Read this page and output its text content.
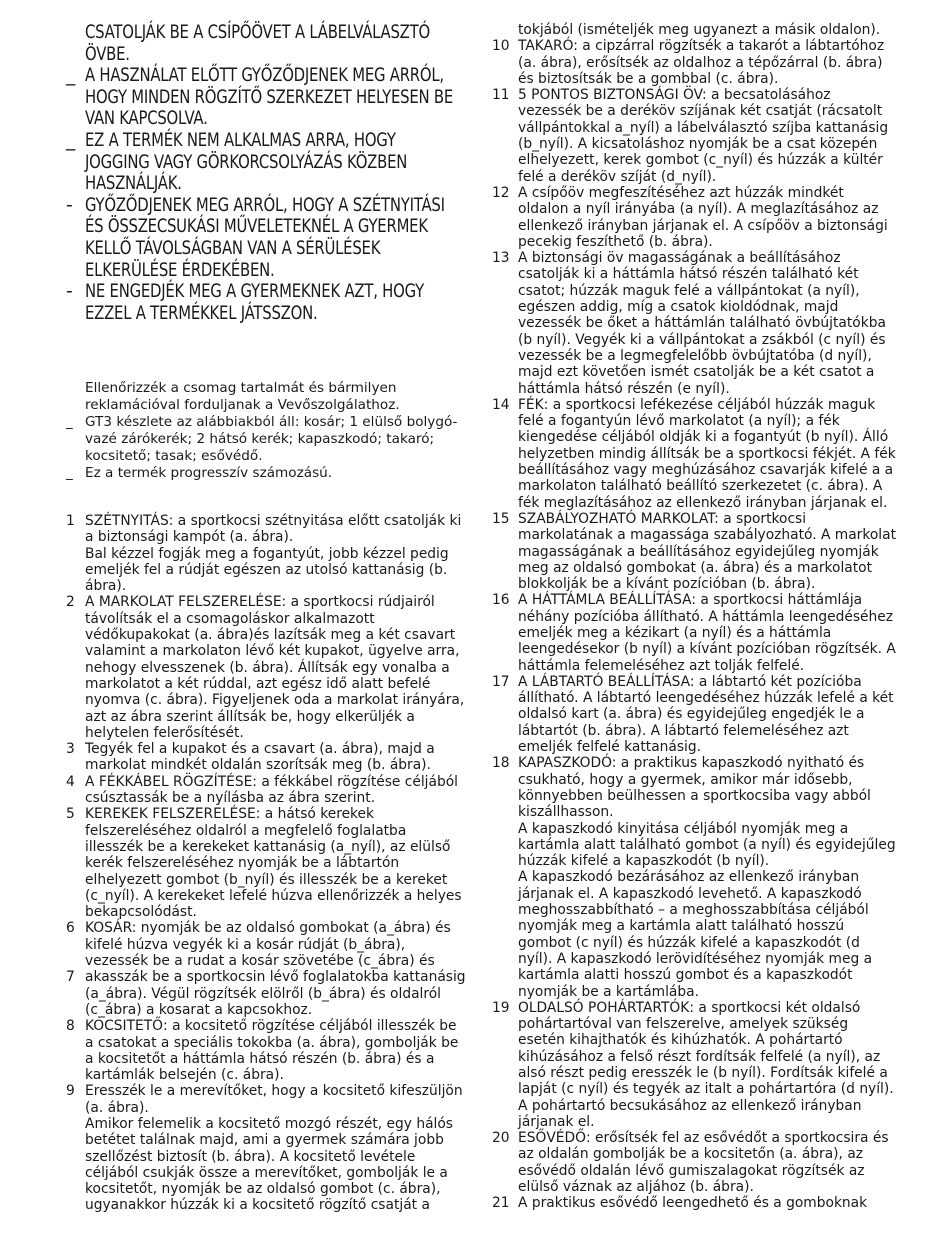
CSATOLJÁK BE A CSÍPŐÖVET A LÁBELVÁLASZTÓ ÖVBE.
_ A HASZNÁLAT ELŐTT GYŐZŐDJENEK MEG ARRÓL, HOGY MINDEN RÖGZÍTŐ SZERKEZET HELYESEN BE VAN KAPCSOLVA.
_ EZ A TERMÉK NEM ALKALMAS ARRA, HOGY JOGGING VAGY GÖRKORCSOLYÁZÁS KÖZBEN HASZNÁLJÁK.
- GYŐZŐDJENEK MEG ARRÓL, HOGY A SZÉTNYITÁSI ÉS ÖSSZECSUKÁSI MŰVELETEKNÉL A GYERMEK KELLŐ TÁVOLSÁGBAN VAN A SÉRÜLÉSEK ELKERÜLÉSE ÉRDEKÉBEN.
- NE ENGEDJÉK MEG A GYERMEKNEK AZT, HOGY EZZEL A TERMÉKKEL JÁTSSZON.
Ellenőrizzék a csomag tartalmát és bármilyen reklamációval forduljanak a Vevőszolgálathoz.
_ GT3 készlete az alábbiakból áll: kosár; 1 elülső bolygó-vazé zárókerék; 2 hátsó kerék; kapaszkodó; takaró; kocsitető; tasak; esővédő.
_ Ez a termék progresszív számozású.
1 SZÉTNYITÁS: a sportkocsi szétnyitása előtt csatolják ki a biztonsági kampót (a. ábra).
Bal kézzel fogják meg a fogantyút, jobb kézzel pedig emeljék fel a rúdját egészen az utolsó kattanásig (b. ábra).
2 A MARKOLAT FELSZERELÉSE: a sportkocsi rúdjairól távolítsák el a csomagoláskor alkalmazott védőkupakokat (a. ábra)és lazítsák meg a két csavart valamint a markolaton lévő két kupakot, ügyelve arra, nehogy elvesszenek (b. ábra). Állítsák egy vonalba a markolatot a két rúddal, azt egész idő alatt befelé nyomva (c. ábra). Figyeljenek oda a markolat irányára, azt az ábra szerint állítsák be, hogy elkerüljék a helytelen felerősítését.
3 Tegyék fel a kupakot és a csavart (a. ábra), majd a markolat mindkét oldalán szorítsák meg (b. ábra).
4 A FÉKKÁBEL RÖGZÍTÉSE: a fékkábel rögzítése céljából csúsztassák be a nyílásba az ábra szerint.
5 KEREKEK FELSZERELÉSE: a hátsó kerekek felszereléséhez oldalról a megfelelő foglalatba illesszék be a kerekeket kattanásig (a_nyíl), az elülső kerék felszereléséhez nyomják be a lábtartón elhelyezett gombot (b_nyíl) és illesszék be a kereket (c_nyíl). A kerekeket lefelé húzva ellenőrizzék a helyes bekapcsolódást.
6 KOSÁR: nyomják be az oldalsó gombokat (a_ábra) és kifelé húzva vegyék ki a kosár rúdját (b_ábra), vezessék be a rudat a kosár szövetébe (c_ábra) és
7 akasszák be a sportkocsin lévő foglalatokba kattanásig (a_ábra). Végül rögzítsék elölről (b_ábra) és oldalról (c_ábra) a kosarat a kapcsokhoz.
8 KOCSITETŐ: a kocsitető rögzítése céljából illesszék be a csatokat a speciális tokokba (a. ábra), gombolják be a kocsitetőt a háttámla hátsó részén (b. ábra) és a kartámlák belsején (c. ábra).
9 Eresszék le a merevítőket, hogy a kocsitető kifeszüljön (a. ábra).
Amikor felemelik a kocsitető mozgó részét, egy hálós betétet találnak majd, ami a gyermek számára jobb szellőzést biztosít (b. ábra). A kocsitető levétele céljából csukják össze a merevítőket, gombolják le a kocsitetőt, nyomják be az oldalsó gombot (c. ábra), ugyanakkor húzzák ki a kocsitető rögzítő csatját a
tokjából (ismételjék meg ugyanezt a másik oldalon).
10 TAKARÓ: a cipzárral rögzítsék a takarót a lábtartóhoz (a. ábra), erősítsék az oldalhoz a tépőzárral (b. ábra) és biztosítsák be a gombbal (c. ábra).
11 5 PONTOS BIZTONSÁGI ÖV: a becsatolásához vezessék be a deréköv szíjának két csatját (rácsatolt vállpántokkal a_nyíl) a lábelválasztó szíjba kattanásig (b_nyíl). A kicsatoláshoz nyomják be a csat közepén elhelyezett, kerek gombot (c_nyíl) és húzzák a kültér felé a deréköv szíját (d_nyíl).
12 A csípőöv megfeszítéséhez azt húzzák mindkét oldalon a nyíl irányába (a nyíl). A meglazításához az ellenkező irányban járjanak el. A csípőöv a biztonsági pecekig feszíthető (b. ábra).
13 A biztonsági öv magasságának a beállításához csatolják ki a háttámla hátsó részén található két csatot; húzzák maguk felé a vállpántokat (a nyíl), egészen addig, míg a csatok kioldódnak, majd vezessék be őket a háttámlán található övbújtatókba (b nyíl). Vegyék ki a vállpántokat a zsákból (c nyíl) és vezessék be a legmegfelelőbb övbújtatóba (d nyíl), majd ezt követően ismét csatolják be a két csatot a háttámla hátsó részén (e nyíl).
14 FÉK: a sportkocsi lefékezése céljából húzzák maguk felé a fogantyún lévő markolatot (a nyíl); a fék kiengedése céljából oldják ki a fogantyút (b nyíl). Álló helyzetben mindig állítsák be a sportkocsi fékjét. A fék beállításához vagy meghúzásához csavarják kifelé a a markolaton található beállító szerkezetet (c. ábra). A fék meglazításához az ellenkező irányban járjanak el.
15 SZABÁLYOZHATÓ MARKOLAT: a sportkocsi markolatának a magassága szabályozható. A markolat magasságának a beállításához egyidejűleg nyomják meg az oldalsó gombokat (a. ábra) és a markolatot blokkolják be a kívánt pozícióban (b. ábra).
16 A HÁTTÁMLA BEÁLLÍTÁSA: a sportkocsi háttámlája néhány pozícióba állítható. A háttámla leengedéséhez emeljék meg a kézikart (a nyíl) és a háttámla leengedésekor (b nyíl) a kívánt pozícióban rögzítsék. A háttámla felemeléséhez azt tolják felfelé.
17 A LÁBTARTÓ BEÁLLÍTÁSA: a lábtartó két pozícióba állítható. A lábtartó leengedéséhez húzzák lefelé a két oldalsó kart (a. ábra) és egyidejűleg engedjék le a lábtartót (b. ábra). A lábtartó felemeléséhez azt emeljék felfelé kattanásig.
18 KAPASZKODÓ: a praktikus kapaszkodó nyitható és csukható, hogy a gyermek, amikor már idősebb, könnyebben beülhessen a sportkocsiba vagy abból kiszállhasson.
A kapaszkodó kinyitása céljából nyomják meg a kartámla alatt található gombot (a nyíl) és egyidejűleg húzzák kifelé a kapaszkodót (b nyíl).
A kapaszkodó bezárásához az ellenkező irányban járjanak el. A kapaszkodó levehető. A kapaszkodó meghosszabbítható – a meghosszabbítása céljából nyomják meg a kartámla alatt található hosszú gombot (c nyíl) és húzzák kifelé a kapaszkodót (d nyíl). A kapaszkodó lerövidítéséhez nyomják meg a kartámla alatti hosszú gombot és a kapaszkodót nyomják be a kartámlába.
19 OLDALSÓ POHÁRTARTÓK: a sportkocsi két oldalsó pohártartóval van felszerelve, amelyek szükség esetén kihajthatók és kihúzhatók. A pohártartó kihúzásához a felső részt fordítsák felfelé (a nyíl), az alsó részt pedig eresszék le (b nyíl). Fordítsák kifelé a lapját (c nyíl) és tegyék az italt a pohártartóra (d nyíl).
A pohártartó becsukásához az ellenkező irányban járjanak el.
20 ESŐVÉDŐ: erősítsék fel az esővédőt a sportkocsira és az oldalán gombolják be a kocsitetőn (a. ábra), az esővédő oldalán lévő gumiszalagokat rögzítsék az elülső váznak az aljához (b. ábra).
21 A praktikus esővédő leengedhető és a gomboknak
